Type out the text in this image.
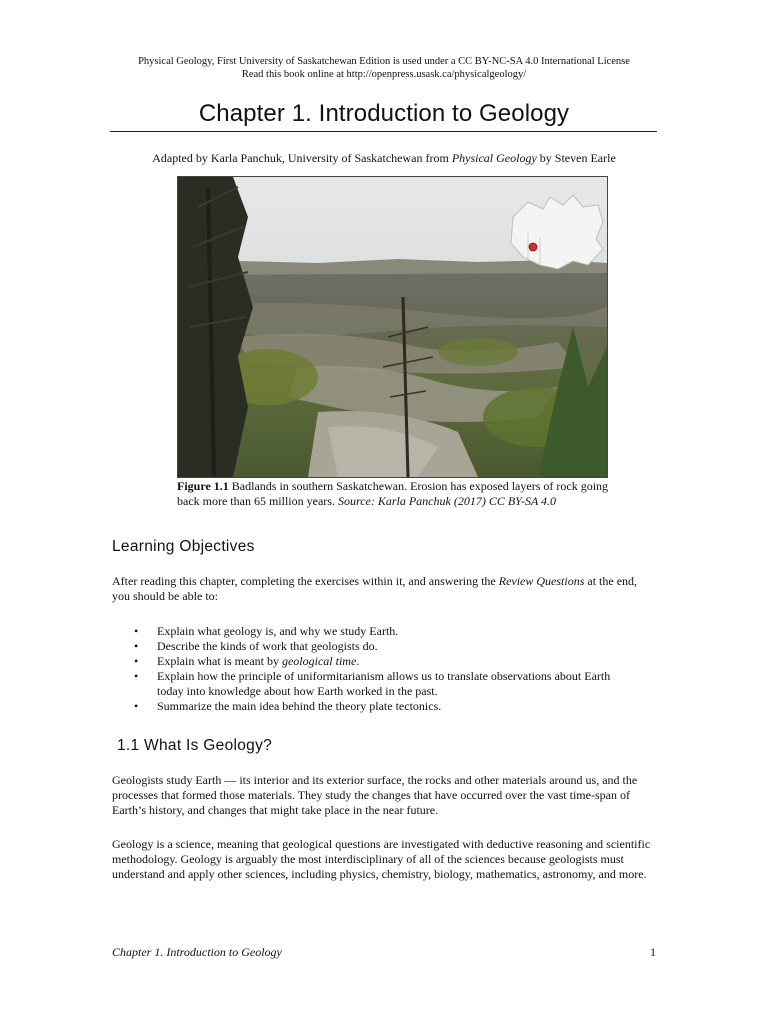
Physical Geology, First University of Saskatchewan Edition is used under a CC BY-NC-SA 4.0 International License
Read this book online at http://openpress.usask.ca/physicalgeology/
Chapter 1. Introduction to Geology
Adapted by Karla Panchuk, University of Saskatchewan from Physical Geology by Steven Earle
Figure 1.1 Badlands in southern Saskatchewan. Erosion has exposed layers of rock going back more than 65 million years. Source: Karla Panchuk (2017) CC BY-SA 4.0
Learning Objectives
After reading this chapter, completing the exercises within it, and answering the Review Questions at the end, you should be able to:
• Explain what geology is, and why we study Earth.
• Describe the kinds of work that geologists do.
• Explain what is meant by geological time.
• Explain how the principle of uniformitarianism allows us to translate observations about Earth today into knowledge about how Earth worked in the past.
• Summarize the main idea behind the theory plate tectonics.
1.1 What Is Geology?
Geologists study Earth — its interior and its exterior surface, the rocks and other materials around us, and the processes that formed those materials. They study the changes that have occurred over the vast time-span of Earth’s history, and changes that might take place in the near future.
Geology is a science, meaning that geological questions are investigated with deductive reasoning and scientific methodology. Geology is arguably the most interdisciplinary of all of the sciences because geologists must understand and apply other sciences, including physics, chemistry, biology, mathematics, astronomy, and more.
Chapter 1. Introduction to Geology	1
